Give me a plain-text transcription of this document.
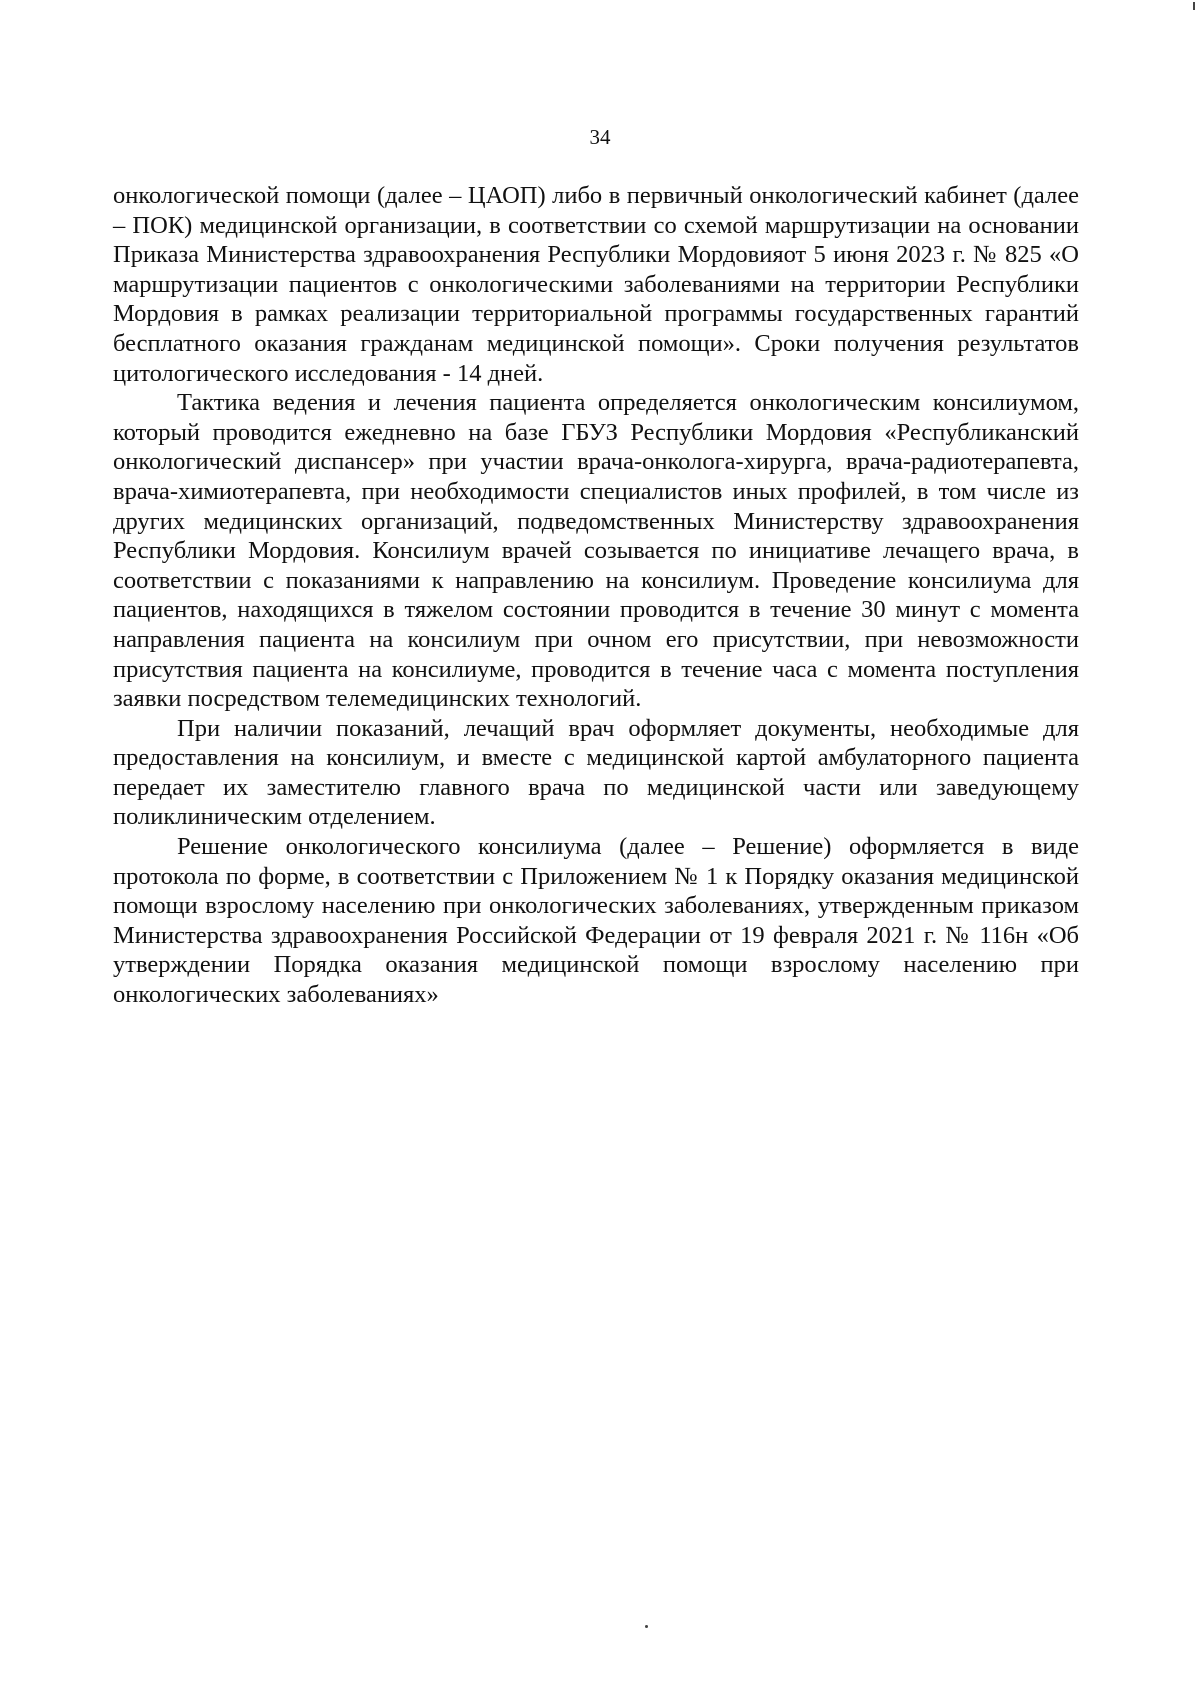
34

онкологической помощи (далее – ЦАОП) либо в первичный онкологический кабинет (далее – ПОК) медицинской организации, в соответствии со схемой маршрутизации на основании Приказа Министерства здравоохранения Республики Мордовияот 5 июня 2023 г. № 825 «О маршрутизации пациентов с онкологическими заболеваниями на территории Республики Мордовия в рамках реализации территориальной программы государственных гарантий бесплатного оказания гражданам медицинской помощи». Сроки получения результатов цитологического исследования - 14 дней.

Тактика ведения и лечения пациента определяется онкологическим консилиумом, который проводится ежедневно на базе ГБУЗ Республики Мордовия «Республиканский онкологический диспансер» при участии врача-онколога-хирурга, врача-радиотерапевта, врача-химиотерапевта, при необходимости специалистов иных профилей, в том числе из других медицинских организаций, подведомственных Министерству здравоохранения Республики Мордовия. Консилиум врачей созывается по инициативе лечащего врача, в соответствии с показаниями к направлению на консилиум. Проведение консилиума для пациентов, находящихся в тяжелом состоянии проводится в течение 30 минут с момента направления пациента на консилиум при очном его присутствии, при невозможности присутствия пациента на консилиуме, проводится в течение часа с момента поступления заявки посредством телемедицинских технологий.

При наличии показаний, лечащий врач оформляет документы, необходимые для предоставления на консилиум, и вместе с медицинской картой амбулаторного пациента передает их заместителю главного врача по медицинской части или заведующему поликлиническим отделением.

Решение онкологического консилиума (далее – Решение) оформляется в виде протокола по форме, в соответствии с Приложением № 1 к Порядку оказания медицинской помощи взрослому населению при онкологических заболеваниях, утвержденным приказом Министерства здравоохранения Российской Федерации от 19 февраля 2021 г. № 116н «Об утверждении Порядка оказания медицинской помощи взрослому населению при онкологических заболеваниях»
